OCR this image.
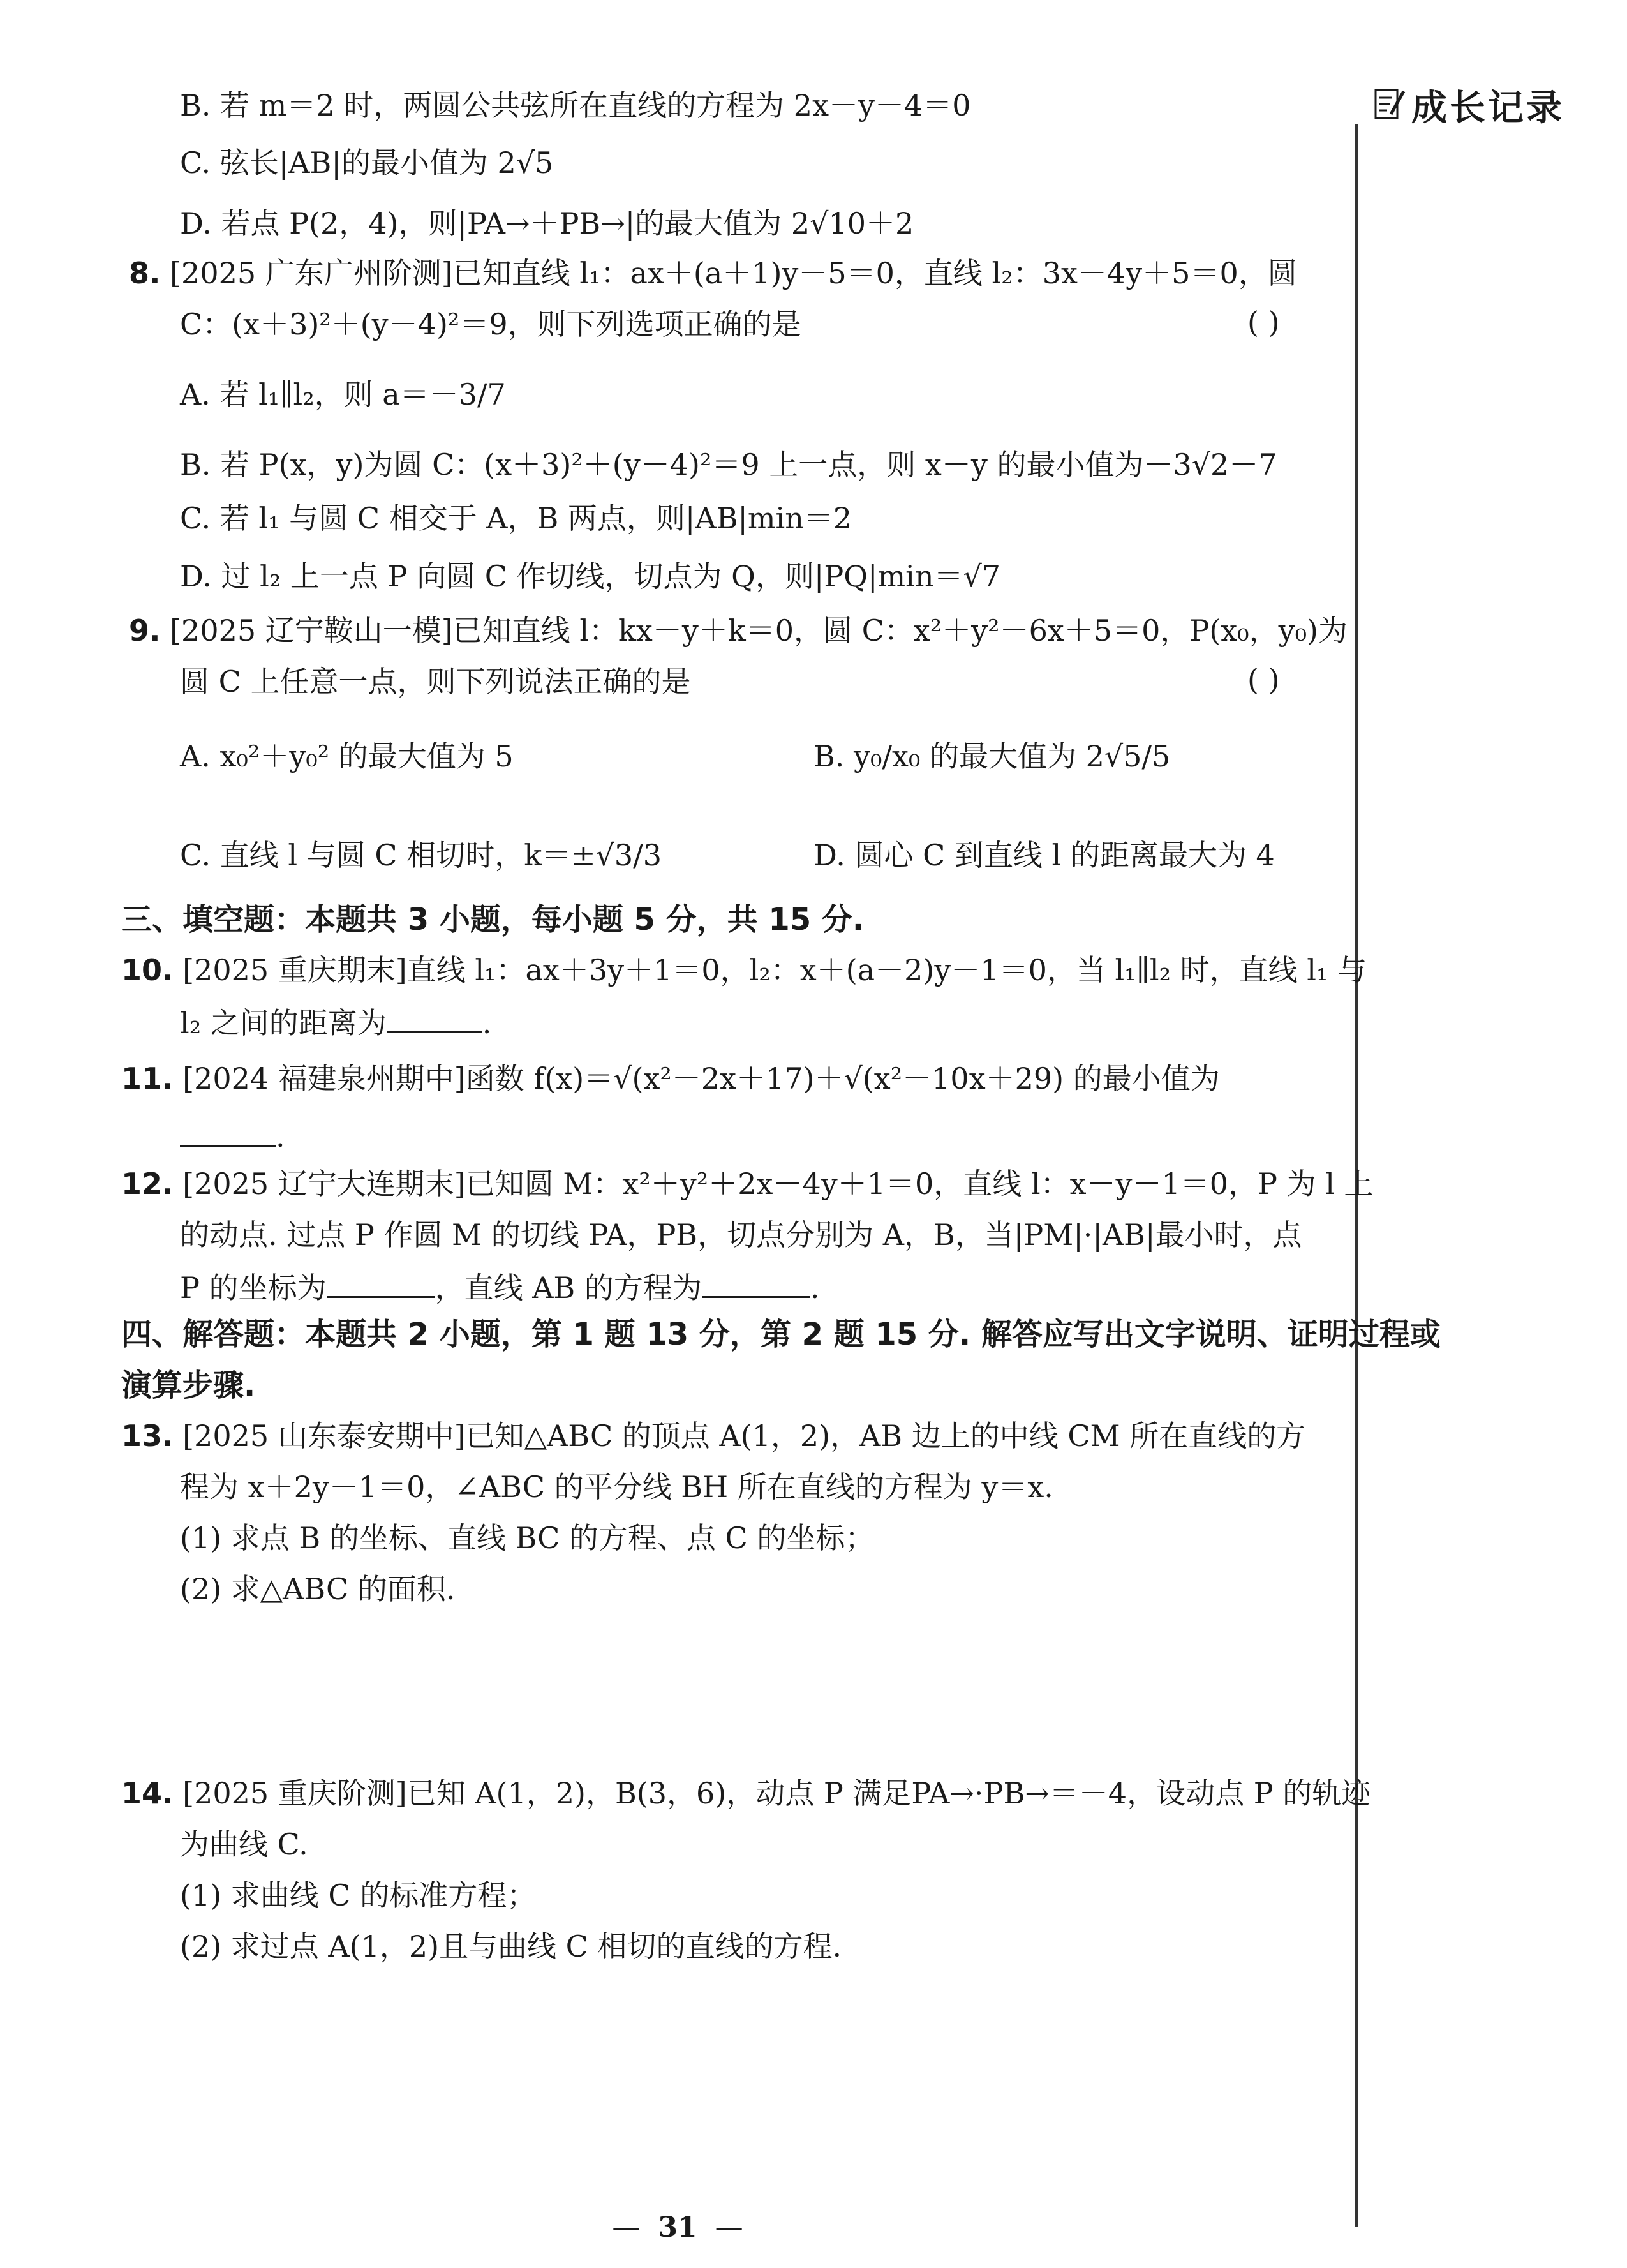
成长记录
B. 若 m＝2 时，两圆公共弦所在直线的方程为 2x－y－4＝0
C. 弦长|AB|的最小值为 2√5
D. 若点 P(2，4)，则|PA→＋PB→|的最大值为 2√10＋2
8. [2025 广东广州阶测]已知直线 l₁：ax＋(a＋1)y－5＝0，直线 l₂：3x－4y＋5＝0，圆
C：(x＋3)²＋(y－4)²＝9，则下列选项正确的是	( )
A. 若 l₁∥l₂，则 a＝－3/7
B. 若 P(x，y)为圆 C：(x＋3)²＋(y－4)²＝9 上一点，则 x－y 的最小值为－3√2－7
C. 若 l₁ 与圆 C 相交于 A，B 两点，则|AB|min＝2
D. 过 l₂ 上一点 P 向圆 C 作切线，切点为 Q，则|PQ|min＝√7
9. [2025 辽宁鞍山一模]已知直线 l：kx－y＋k＝0，圆 C：x²＋y²－6x＋5＝0，P(x₀，y₀)为
圆 C 上任意一点，则下列说法正确的是	( )
A. x₀²＋y₀² 的最大值为 5	B. y₀/x₀ 的最大值为 2√5/5
C. 直线 l 与圆 C 相切时，k＝±√3/3	D. 圆心 C 到直线 l 的距离最大为 4
三、填空题：本题共 3 小题，每小题 5 分，共 15 分.
10. [2025 重庆期末]直线 l₁：ax＋3y＋1＝0，l₂：x＋(a－2)y－1＝0，当 l₁∥l₂ 时，直线 l₁ 与
l₂ 之间的距离为	.
11. [2024 福建泉州期中]函数 f(x)＝√(x²－2x＋17)＋√(x²－10x＋29) 的最小值为
.
12. [2025 辽宁大连期末]已知圆 M：x²＋y²＋2x－4y＋1＝0，直线 l：x－y－1＝0，P 为 l 上
的动点. 过点 P 作圆 M 的切线 PA，PB，切点分别为 A，B，当|PM|·|AB|最小时，点
P 的坐标为	，直线 AB 的方程为	.
四、解答题：本题共 2 小题，第 1 题 13 分，第 2 题 15 分. 解答应写出文字说明、证明过程或
演算步骤.
13. [2025 山东泰安期中]已知△ABC 的顶点 A(1，2)，AB 边上的中线 CM 所在直线的方
程为 x＋2y－1＝0，∠ABC 的平分线 BH 所在直线的方程为 y＝x.
(1) 求点 B 的坐标、直线 BC 的方程、点 C 的坐标；
(2) 求△ABC 的面积.
14. [2025 重庆阶测]已知 A(1，2)，B(3，6)，动点 P 满足PA→·PB→＝－4，设动点 P 的轨迹
为曲线 C.
(1) 求曲线 C 的标准方程；
(2) 求过点 A(1，2)且与曲线 C 相切的直线的方程.
— 31 —
